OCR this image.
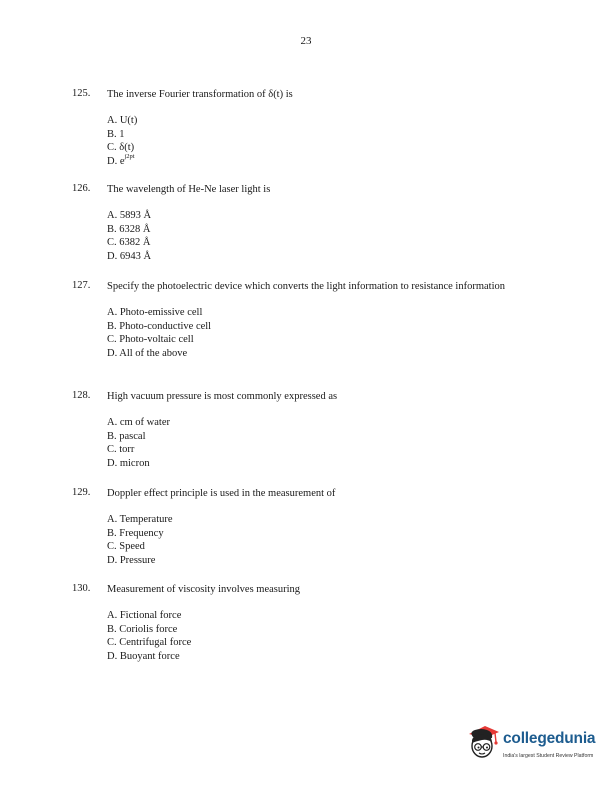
23
125.	The inverse Fourier transformation of δ(t) is
A. U(t)
B. 1
C. δ(t)
D. $e^{j2pt}$
126.	The wavelength of He-Ne laser light is
A. 5893 Å
B. 6328 Å
C. 6382 Å
D. 6943 Å
127.	Specify the photoelectric device which converts the light information to resistance information
A. Photo-emissive cell
B. Photo-conductive cell
C. Photo-voltaic cell
D. All of the above
128.	High vacuum pressure is most commonly expressed as
A. cm of water
B. pascal
C. torr
D. micron
129.	Doppler effect principle is used in the measurement of
A. Temperature
B. Frequency
C. Speed
D. Pressure
130.	Measurement of viscosity involves measuring
A. Fictional force
B. Coriolis force
C. Centrifugal force
D. Buoyant force
collegedunia
India's largest Student Review Platform
